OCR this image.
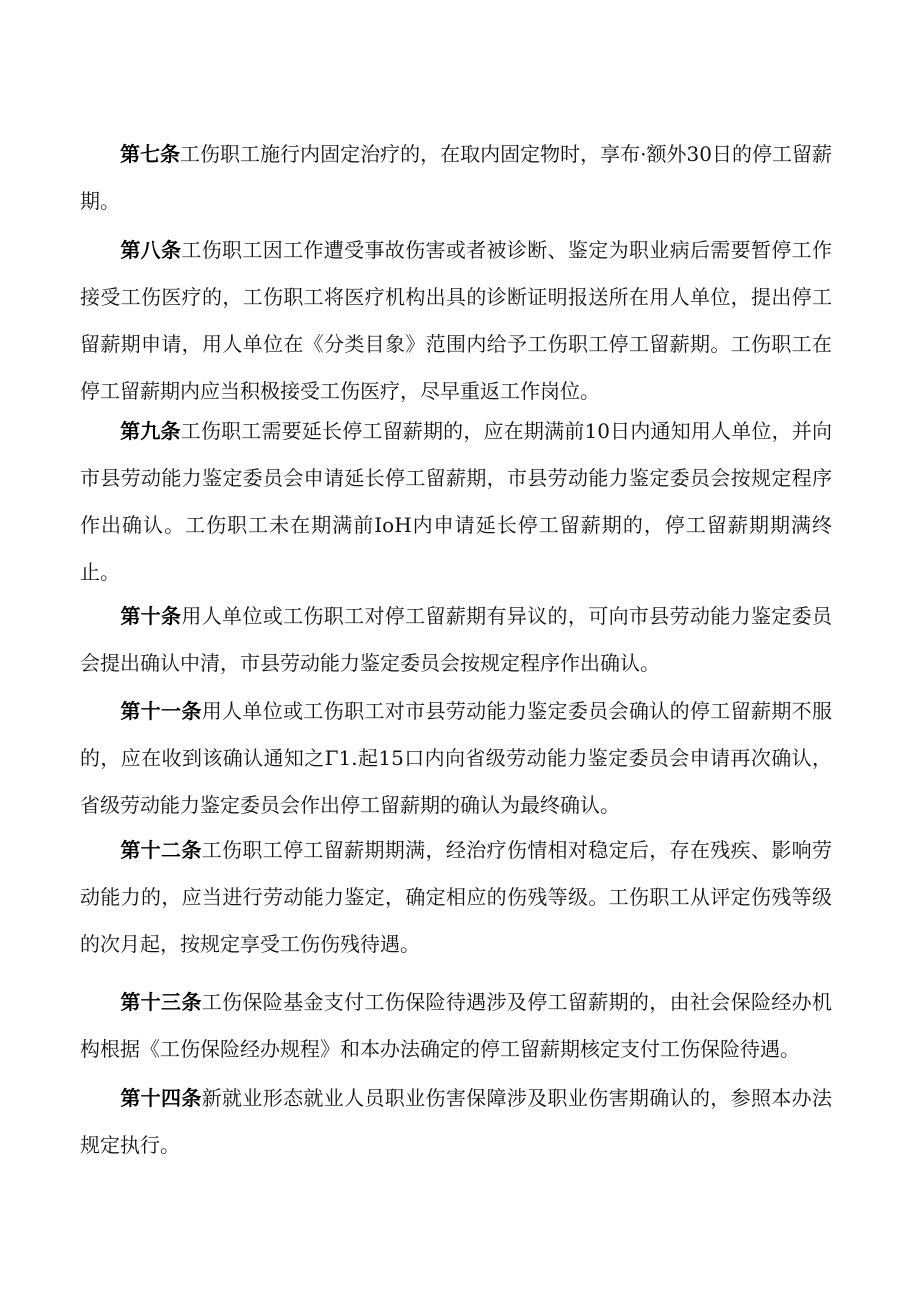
第七条工伤职工施行内固定治疗的，在取内固定物时，享布·额外30日的停工留薪期。

第八条工伤职工因工作遭受事故伤害或者被诊断、鉴定为职业病后需要暂停工作接受工伤医疗的，工伤职工将医疗机构出具的诊断证明报送所在用人单位，提出停工留薪期申请，用人单位在《分类目象》范围内给予工伤职工停工留薪期。工伤职工在停工留薪期内应当积极接受工伤医疗，尽早重返工作岗位。

第九条工伤职工需要延长停工留薪期的，应在期满前10日内通知用人单位，并向市县劳动能力鉴定委员会申请延长停工留薪期，市县劳动能力鉴定委员会按规定程序作出确认。工伤职工未在期满前IoH内申请延长停工留薪期的，停工留薪期期满终止。

第十条用人单位或工伤职工对停工留薪期有异议的，可向市县劳动能力鉴定委员会提出确认中清，市县劳动能力鉴定委员会按规定程序作出确认。

第十一条用人单位或工伤职工对市县劳动能力鉴定委员会确认的停工留薪期不服的，应在收到该确认通知之Γ1.起15口内向省级劳动能力鉴定委员会申请再次确认，省级劳动能力鉴定委员会作出停工留薪期的确认为最终确认。

第十二条工伤职工停工留薪期期满，经治疗伤情相对稳定后，存在残疾、影响劳动能力的，应当进行劳动能力鉴定，确定相应的伤残等级。工伤职工从评定伤残等级的次月起，按规定享受工伤伤残待遇。

第十三条工伤保险基金支付工伤保险待遇涉及停工留薪期的，由社会保险经办机构根据《工伤保险经办规程》和本办法确定的停工留薪期核定支付工伤保险待遇。

第十四条新就业形态就业人员职业伤害保障涉及职业伤害期确认的，参照本办法规定执行。
